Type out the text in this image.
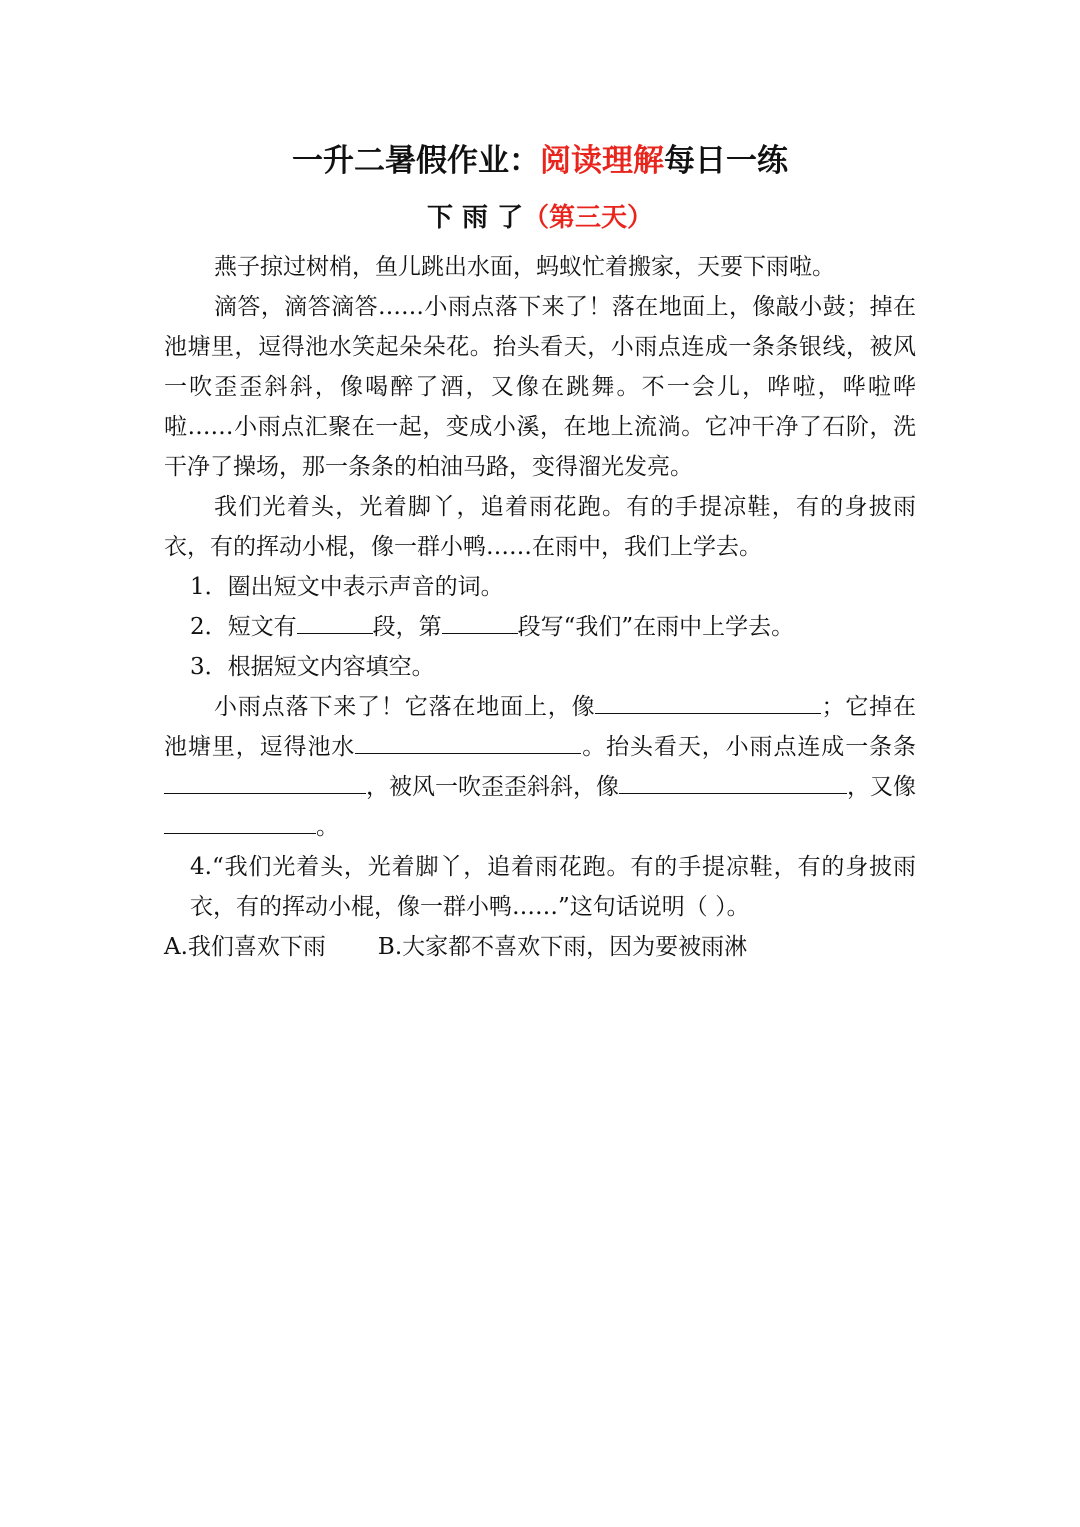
一升二暑假作业：阅读理解每日一练
下 雨 了（第三天）

燕子掠过树梢，鱼儿跳出水面，蚂蚁忙着搬家，天要下雨啦。

滴答，滴答滴答……小雨点落下来了！落在地面上，像敲小鼓；掉在池塘里，逗得池水笑起朵朵花。抬头看天，小雨点连成一条条银线，被风一吹歪歪斜斜，像喝醉了酒，又像在跳舞。不一会儿，哗啦，哗啦哗啦……小雨点汇聚在一起，变成小溪，在地上流淌。它冲干净了石阶，洗干净了操场，那一条条的柏油马路，变得溜光发亮。

我们光着头，光着脚丫，追着雨花跑。有的手提凉鞋，有的身披雨衣，有的挥动小棍，像一群小鸭……在雨中，我们上学去。

1．圈出短文中表示声音的词。

2．短文有	段，第	段写“我们”在雨中上学去。

3．根据短文内容填空。

小雨点落下来了！它落在地面上，像	；它掉在池塘里，逗得池水	。抬头看天，小雨点连成一条条，被风一吹歪歪斜斜，像	，又像。

4.“我们光着头，光着脚丫，追着雨花跑。有的手提凉鞋，有的身披雨衣，有的挥动小棍，像一群小鸭……”这句话说明（ ）。

A.我们喜欢下雨 B.大家都不喜欢下雨，因为要被雨淋
